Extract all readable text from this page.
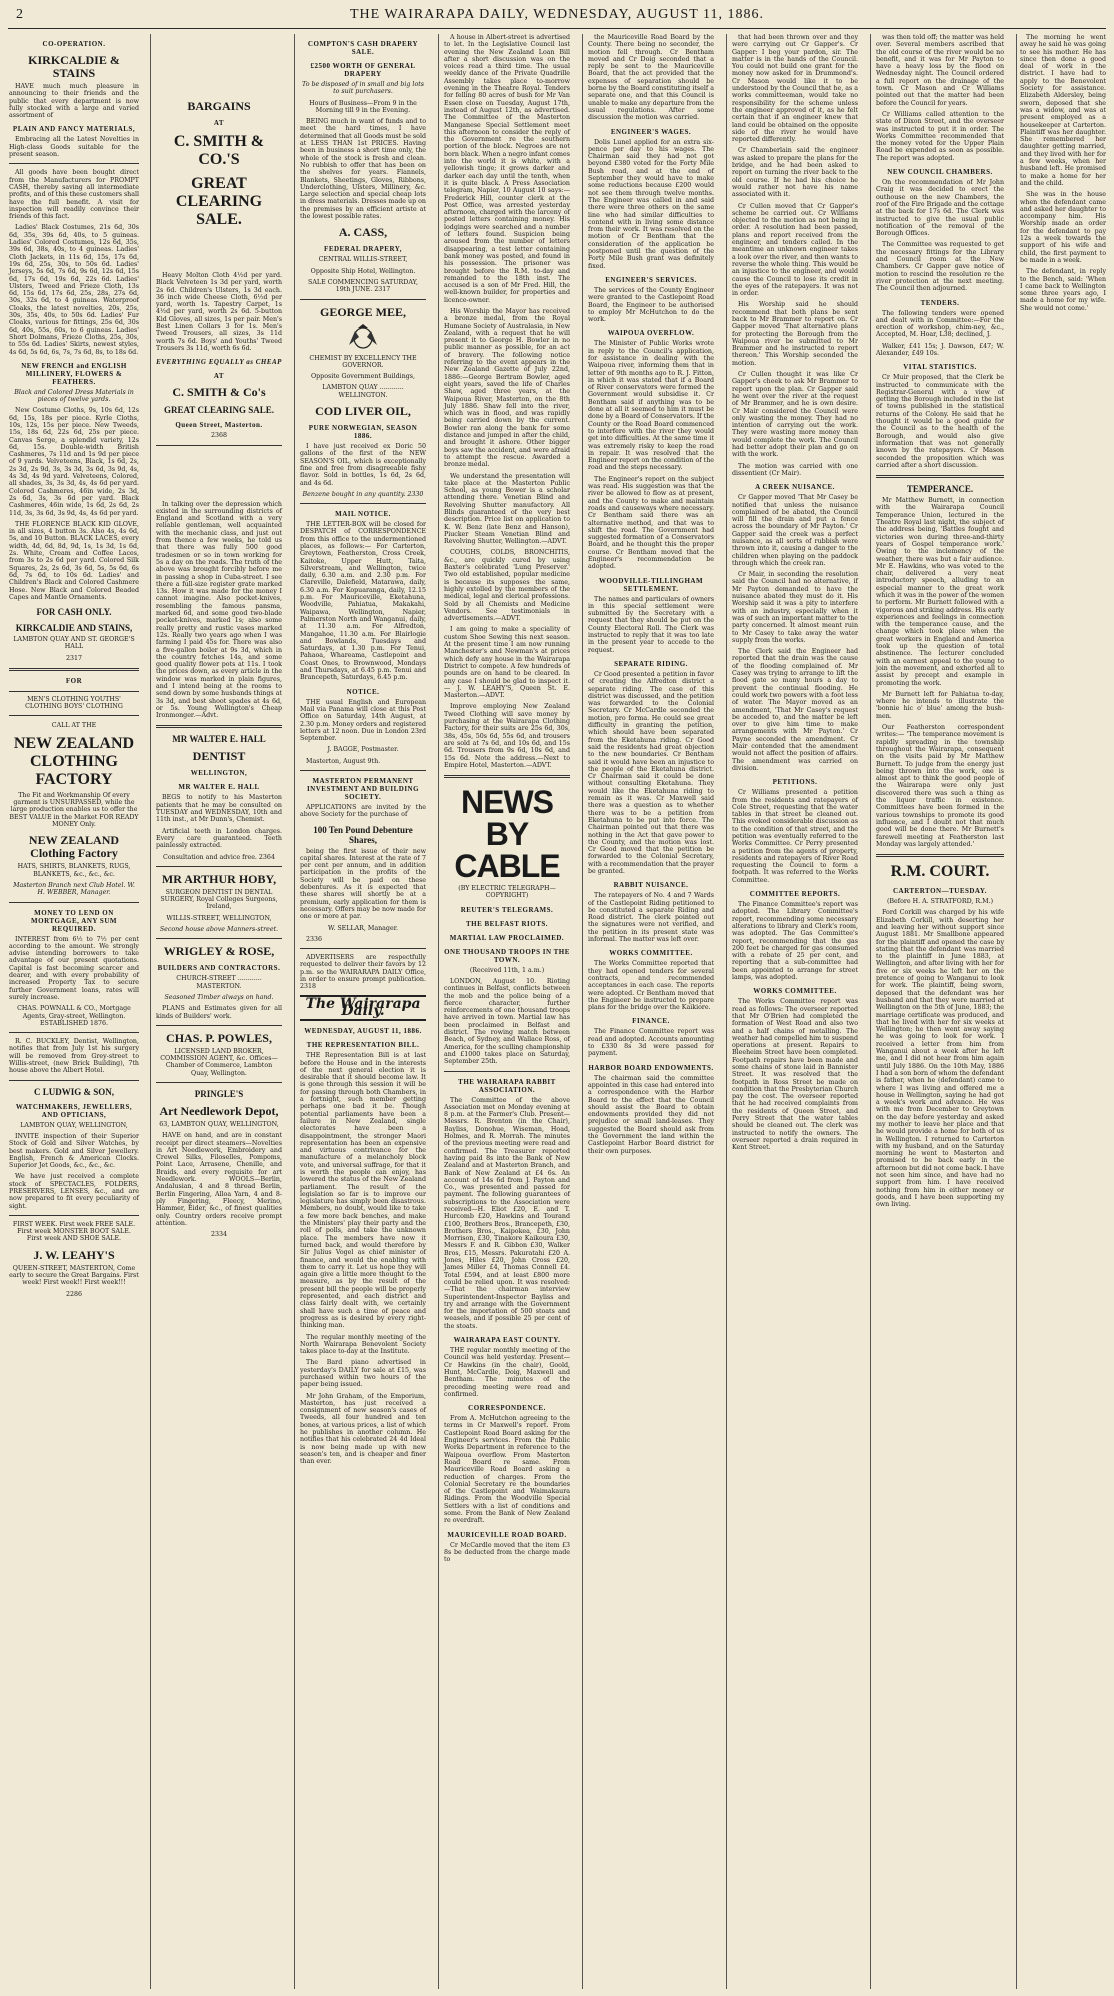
2	THE WAIRARAPA DAILY, WEDNESDAY, AUGUST 11, 1886.
CO-OPERATION.
KIRKCALDIE & STAINS

HAVE much much pleasure in announcing to their friends and the public that every department is now fully stocked with a large and varied assortment of

PLAIN AND FANCY MATERIALS,

Embracing all the Latest Novelties in High-class Goods suitable for the present season.

All goods have been bought direct from the Manufacturers for PROMPT CASH, thereby saving all intermediate profits, and of this these customers shall have the full benefit. A visit for inspection will readily convince their friends of this fact.

Ladies' Black Costumes, 21s 6d, 30s 6d, 35s, 39s 6d, 40s, to 5 guineas. Ladies' Colored Costumes, 12s 6d, 35s, 39s 6d, 38s, 40s, to 4 guineas. Ladies' Cloth Jackets, in 11s 6d, 15s, 17s 6d, 19s 6d, 25s, 30s, to 50s 6d. Ladies' Jerseys, 5s 6d, 7s 6d, 9s 6d, 12s 6d, 15s 6d, 17s 6d, 19s 6d, 22s 6d. Ladies' Ulsters, Tweed and Frieze Cloth, 13s 6d, 15s 6d, 17s 6d, 25s, 28s, 27s 6d, 30s, 32s 6d, to 4 guineas. Waterproof Cloaks, the latest novelties, 20s, 25s, 30s, 35s, 40s, to 50s 6d. Ladies' Fur Cloaks, various for fittings, 25s 6d, 30s 6d, 40s, 55s, 60s, to 6 guineas. Ladies' Short Dolmans, Frieze Cloths, 25s, 30s, to 55s 6d. Ladies' Skirts, newest styles, 4s 6d, 5s 6d, 6s, 7s, 7s 6d, 8s, to 18s 6d.

NEW FRENCH and ENGLISH MILLINERY, FLOWERS & FEATHERS.

Black and Colored Dress Materials in pieces of twelve yards.

New Costume Cloths, 9s, 10s 6d, 12s 6d, 15s, 18s per piece. Kyrle Cloths, 10s, 12s, 15s per piece. New Tweeds, 15s, 18s 6d, 22s 6d, 25s per piece. Canvas Serge, a splendid variety, 12s 6d, 15s. Double-width British Cashmeres, 7s 11d and 1s 9d per piece of 9 yards. Velveteens, Black, 1s 6d, 2s, 2s 3d, 2s 9d, 3s, 3s 3d, 3s 6d, 3s 9d, 4s, 4s 3d, 4s 9d yard. Velveteens, Colored, all shades, 3s, 3s 3d, 4s, 4s 6d per yard. Colored Cashmeres, 46in wide, 2s 3d, 2s 6d, 3s, 3s 6d per yard. Black Cashmeres, 46in wide, 1s 6d, 2s 6d, 2s 11d, 3s, 3s 6d, 3s 9d, 4s, 4s 6d per yard.

THE FLORENCE BLACK KID GLOVE, in all sizes, 4 button 3s. Also 4s, 4s 6d, 5s, and 10 Button. BLACK LACES, every width, 4d, 6d, 8d, 9d, 1s, 1s 3d, 1s 6d, 2s. White, Cream and Coffee Laces, from 3s to 2s 6d per yard. Colored Silk Squares, 2s, 2s 6d, 3s 6d, 5s, 5s 6d, 6s 6d, 7s 6d, to 10s 6d. Ladies' and Children's Black and Colored Cashmere Hose. New Black and Colored Beaded Capes and Mantle Ornaments.

FOR CASH ONLY.
KIRKCALDIE AND STAINS,

LAMBTON QUAY AND ST. GEORGE'S HALL

2317

FOR
MEN'S CLOTHING YOUTHS' CLOTHING BOYS' CLOTHING

CALL AT THE

NEW ZEALAND CLOTHING FACTORY

The Fit and Workmanship Of every garment is UNSURPASSED, while the large production enables us to offer the BEST VALUE in the Market FOR READY MONEY Only.

NEW ZEALAND Clothing Factory

HATS, SHIRTS, BLANKETS, RUGS, BLANKETS, &c., &c., &c.

Masterton Branch next Club Hotel. W. H. WEBBER, Manager.

MONEY TO LEND ON MORTGAGE, ANY SUM REQUIRED.

INTEREST from 6½ to 7½ per cent according to the amount. We strongly advise intending borrowers to take advantage of our present quotations. Capital is fast becoming scarcer and dearer, and with every probability of increased Property Tax to secure further Government loans, rates will surely increase.

CHAS. POWNALL & CO., Mortgage Agents, Gray-street, Wellington. ESTABLISHED 1876.

R. C. BUCKLEY, Dentist, Wellington, notifies that from July 1st his surgery will be removed from Grey-street to Willis-street, (new Brick Building), 7th house above the Albert Hotel.

C LUDWIG & SON,
WATCHMAKERS, JEWELLERS, AND OPTICIANS,

LAMBTON QUAY, WELLINGTON,

INVITE inspection of their Superior Stock of Gold and Silver Watches, by best makers. Gold and Silver Jewellery. English, French & American Clocks. Superior Jet Goods, &c., &c., &c.

We have just received a complete stock of SPECTACLES, FOLDERS, PRESERVERS, LENSES, &c., and are now prepared to fit every peculiarity of sight.

FIRST WEEK. First week FREE SALE. First week MONSTER BOOT SALE. First week AND SHOE SALE.

J. W. LEAHY'S

QUEEN-STREET, MASTERTON, Come early to secure the Great Bargains. First week! First week!! First week!!!

2286

BARGAINS
AT
C. SMITH & CO.'S
GREAT CLEARING SALE.

Heavy Molton Cloth 4½d per yard. Black Velveteen 1s 3d per yard, worth 2s 6d. Children's Ulsters, 1s 3d each. 36 inch wide Cheese Cloth, 6½d per yard, worth 1s. Tapestry Carpet, 1s 4½d per yard, worth 2s 6d. 5-button Kid Gloves, all sizes, 1s per pair. Men's Best Linen Collars 3 for 1s. Men's Tweed Trousers, all sizes, 3s 11d worth 7s 6d. Boys' and Youths' Tweed Trousers 3s 11d, worth 6s 6d.

EVERYTHING EQUALLY as CHEAP
AT
C. SMITH & Co's
GREAT CLEARING SALE.
Queen Street, Masterton.

2368

In talking over the depression which existed in the surrounding districts of England and Scotland with a very reliable gentleman, well acquainted with the mechanic class, and just out from thence a few weeks, he told us that there was fully 500 good tradesmen or so in town working for 5s a day on the roads. The truth of the above was brought forcibly before me in passing a shop in Cuba-street. I see there a full-size register grate marked 13s. How it was made for the money I cannot imagine. Also pocket-knives, resembling the famous pansma, marked 6d, and some good two-blade pocket-knives, marked 1s; also some really pretty and rustic vases marked 12s. Really two years ago when I was farming I paid 45s for. There was also a five-gallon boiler at 9s 3d, which in the country fetches 14s, and some good quality flower pots at 11s. I took the prices down, as every article in the window was marked in plain figures, and I intend being at the rooms to send down by some husbands things at 3s 3d, and best shoot spades at 4s 6d, or 5s. Young Wellington's Cheap Ironmonger.—Advt.

MR WALTER E. HALL
DENTIST
WELLINGTON,
MR WALTER E. HALL

BEGS to notify to his Masterton patients that he may be consulted on TUESDAY and WEDNESDAY, 10th and 11th inst., at Mr Dunn's, Chemist.

Artificial teeth in London charges. Every care guaranteed. Teeth painlessly extracted.

Consultation and advice free. 2364

MR ARTHUR HOBY,

SURGEON DENTIST IN DENTAL SURGERY, Royal Colleges Surgeons, Ireland,

WILLIS-STREET, WELLINGTON,

Second house above Manners-street.

WRIGLEY & ROSE,
BUILDERS AND CONTRACTORS.

CHURCH-STREET ............ MASTERTON.

Seasoned Timber always on hand.

PLANS and Estimates given for all kinds of Builders' work.

CHAS. P. POWLES,

LICENSED LAND BROKER, COMMISSION AGENT, &c. Offices—Chamber of Commerce, Lambton Quay, Wellington.

PRINGLE'S
Art Needlework Depot,

63, LAMBTON QUAY, WELLINGTON,

HAVE on hand, and are in constant receipt per direct steamers—Novelties in Art Needlework, Embroidery and Crewel Silks, Filoselles, Pompoms, Point Lace, Arrasene, Chenille, and Braids, and every requisite for art Needlework. WOOLS—Berlin, Andalusian, 4 and 8 thread Berlin, Berlin Fingering, Alloa Yarn, 4 and 8-ply Fingering, Fleecy, Merino, Hammer, Eider, &c., of finest qualities only. Country orders receive prompt attention.

2334

COMPTON'S CASH DRAPERY SALE.
£2500 WORTH OF GENERAL DRAPERY

To be disposed of in small and big lots to suit purchasers.

Hours of Business—From 9 in the Morning till 9 in the Evening.

BEING much in want of funds and to meet the hard times, I have determined that all Goods must be sold at LESS THAN 1st PRICES. Having been in business a short time only, the whole of the stock is fresh and clean. No rubbish to offer that has been on the shelves for years. Flannels, Blankets, Sheetings, Gloves, Ribbons, Underclothing, Ulsters, Millinery, &c. Large selection and special cheap lots in dress materials. Dresses made up on the premises by an efficient artiste at the lowest possible rates.

A. CASS,
FEDERAL DRAPERY,

CENTRAL WILLIS-STREET,

Opposite Ship Hotel, Wellington.

SALE COMMENCING SATURDAY, 19th JUNE. 2317

GEORGE MEE,

CHEMIST BY EXCELLENCY THE GOVERNOR.

Opposite Government Buildings,

LAMBTON QUAY ............ WELLINGTON.

COD LIVER OIL,
PURE NORWEGIAN, SEASON 1886.

I have just received ex Doric 50 gallons of the first of the NEW SEASON'S OIL, which is exceptionally fine and free from disagreeable fishy flavor. Sold in bottles, 1s 6d, 2s 6d, and 4s 6d.

Benzene bought in any quantity. 2330

MAIL NOTICE.

THE LETTER-BOX will be closed for DESPATCH of CORRESPONDENCE from this office to the undermentioned places, as follows:— For Carterton, Greytown, Featherston, Cross Creek, Kaitoke, Upper Hutt, Taita, Silverstream, and Wellington, twice daily, 6.30 a.m. and 2.30 p.m. For Clareville, Dalefield, Matarawa, daily, 6.30 a.m. For Kopuaranga, daily, 12.15 p.m. For Mauriceville, Eketahuna, Woodville, Pahiatua, Makakahi, Waipawa, Wellington, Napier, Palmerston North and Wanganui, daily, at 11.30 a.m. For Alfredton, Mangahoe, 11.30 a.m. For Blairlogie and Bowlands, Tuesdays and Saturdays, at 1.30 p.m. For Tenui, Pahaoa, Whareama, Castlepoint and Coast Ones, to Brownwood, Mondays and Thursdays, at 6.45 p.m. Tenui and Brancepeth, Saturdays, 6.45 p.m.

NOTICE.

THE usual English and European Mail via Panama will close at this Post Office on Saturday, 14th August, at 2.30 p.m. Money orders and registered letters at 12 noon. Due in London 23rd September.

J. BAGGE, Postmaster.

Masterton, August 9th.

MASTERTON PERMANENT INVESTMENT AND BUILDING SOCIETY.

APPLICATIONS are invited by the above Society for the purchase of

100 Ten Pound Debenture Shares,

being the first issue of their new capital shares. Interest at the rate of 7 per cent per annum, and in addition participation in the profits of the Society will be paid on these debentures. As it is expected that these shares will shortly be at a premium, early application for them is necessary. Offers may be now made for one or more at par.

W. SELLAR, Manager.

2336

ADVERTISERS are respectfully requested to deliver their favors by 12 p.m. so the WAIRARAPA DAILY Office, in order to ensure prompt publication. 2318

The Wairarapa Daily.
WEDNESDAY, AUGUST 11, 1886.
THE REPRESENTATION BILL.

THE Representation Bill is at last before the House and in the interests of the next general election it is desirable that it should become law. It is gone through this session it will be for passing through both Chambers, in a fortnight, such member getting perhaps one bad it be. Though potential parliaments have been a failure in New Zealand, single electorates have been a disappointment, the stronger Maori representation has been an expensive and virtuous contrivance for the manufacture of a melancholy block vote, and universal suffrage, for that it is worth the people can enjoy, has lowered the status of the New Zealand parliament. The result of the legislation so far is to improve our legislature has simply been disastrous. Members, no doubt, would like to take a few more back benches, and make the Ministers' play their party and the roll of polls, and take the unknown place. The members have now it turned back, and would therefore by Sir Julius Vogel as chief minister of finance, and would the enabling with them to carry it. Let us hope they will again give a little more thought to the measure, as by the result of the present bill the people will be properly represented, and each district and class fairly dealt with, we certainly shall have such a time of peace and progress as is desired by every right-thinking man.

The regular monthly meeting of the North Wairarapa Benevolent Society takes place to-day at the Institute.

The Bard piano advertised in yesterday's DAILY for sale at £15, was purchased within two hours of the paper being issued.

Mr John Graham, of the Emporium, Masterton, has just received a consignment of new season's cases of Tweeds, all four hundred and ten bones, at various prices, a list of which he publishes in another column. He notifies that his celebrated 24 4d Ideal is now being made up with new season's ten, and is cheaper and finer than ever.

A house in Albert-street is advertised to let. In the Legislative Council last evening the New Zealand Loan Bill after a short discussion was on the voices read a third time. The usual weekly dance of the Private Quadrille Assembly takes place to-morrow evening in the Theatre Royal. Tenders for felling 80 acres of bush for Mr Van Essen close on Tuesday, August 17th, instead of August 12th, as advertised. The Committee of the Masterton Manganese Special Settlement meet this afternoon to consider the reply of the Government re the southern portion of the block. Negroes are not born black. When a negro infant comes into the world it is white, with a yellowish tinge; it grows darker and darker each day until the tenth, when it is quite black. A Press Association telegram, Napier, 10 August 10 says:—Frederick Hill, counter clerk at the Post Office, was arrested yesterday afternoon, charged with the larceny of posted letters containing money. His lodgings were searched and a number of letters found. Suspicion being aroused from the number of letters disappearing, a test letter containing bank money was posted, and found in his possession. The prisoner was brought before the R.M. to-day and remanded to the 18th inst. The accused is a son of Mr Fred. Hill, the well-known builder, for properties and licence-owner.

His Worship the Mayor has received a bronze medal, from the Royal Humane Society of Australasia, in New Zealand, with a request that he will present it to George H. Bowler in no public manner as possible, for an act of bravery. The following notice referring to the event appears in the New Zealand Gazette of July 22nd, 1886:—George Bertram Bowler, aged eight years, saved the life of Charles Shaw, aged three years, at the Waipoua River, Masterton, on the 8th July 1886. Shaw fell into the river, which was in flood, and was rapidly being carried down by the current. Bowler ran along the bank for some distance and jumped in after the child, and brought it ashore. Other bigger boys saw the accident, and were afraid to attempt the rescue. Awarded a bronze medal.

We understand the presentation will take place at the Masterton Public School, as young Bower is a scholar attending there. Venetian Blind and Revolving Shutter manufactory. All Blinds guaranteed of the very best description. Price list on application to K. W. Benz (late Benz and Hanson), Piucker Steam Venetian Blind and Revolving Shutter, Wellington.—ADVT.

COUGHS, COLDS, BRONCHITIS, &c., are quickly cured by using Baxter's celebrated 'Lung Preserver.' Two old established, popular medicine is because its supposes the same, highly extolled by the members of the medical, legal and clerical professions. Sold by all Chemists and Medicine Vendors. See testimonials in advertisements.—ADVT.

I am going to make a speciality of custom Shoe Sewing this next season. At the present time I am now running Manchester's and Newman's at prices which defy any house in the Wairarapa District to compete. A few hundreds of pounds are on hand to be cleared. In any case I should be glad to inspect it. — J. W. LEAHY'S, Queen St. E. Masterton.—ADVT.

Improve employing New Zealand Tweed Clothing will save money by purchasing at the Wairarapa Clothing Factory, for their suits are 25s 6d, 30s, 38s, 45s, 50s 6d, 55s 6d, and trousers are sold at 7s 6d, and 10s 6d, and 15s 6d. Trousers from 9s 6d, 10s 6d, and 15s 6d. Note the address.—Next to Empire Hotel, Masterton.—ADVT.

NEWS BY CABLE

(BY ELECTRIC TELEGRAPH—COPYRIGHT)

REUTER'S TELEGRAMS.
THE BELFAST RIOTS.
MARTIAL LAW PROCLAIMED.
ONE THOUSAND TROOPS IN THE TOWN.

(Received 11th, 1 a.m.)

LONDON, August 10. Rioting continues in Belfast, conflicts between the mob and the police being of a fierce character, further reinforcements of one thousand troops have arrived in town. Martial law has been proclaimed in Belfast and district. The rowing match between Beach, of Sydney, and Wallace Ross, of America, for the sculling championship and £1000 takes place on Saturday, September 25th.

THE WAIRARAPA RABBIT ASSOCIATION.

The Committee of the above Association met on Monday evening at 8 p.m. at the Farmer's Club. Present—Messrs. R. Brenton (in the Chair), Bayliss, Donohue, Wiseman, Hoad, Holmes, and R. Morrah. The minutes of the previous meeting were read and confirmed. The Treasurer reported having paid 8s into the Bank of New Zealand and at Masterton Branch, and Bank of New Zealand at £4 6s. An account of 14s 6d from J. Payton and Co., was presented and passed for payment. The following guarantees of subscriptions to the Association were received—H. Eliot £20, E. and T. Hurcomb £20, Hawkins and Tourand £100, Brothers Bros., Brancepeth, £30, Brothers Bros., Kaipokea, £30, John Morrison, £30, Tinakore Kaikoura £30, Messrs F. and R. Gibbon £30, Walker Bros, £15, Messrs. Pakuratahi £20 A. Jones, Hiles £20, John Cross £20, James Miller £4, Thomas Connell £4. Total £594, and at least £800 more could be relied upon. It was resolved:—That the chairman interview Superintendent-Inspector Bayliss and try and arrange with the Government for the importation of 500 stoats and weasels, and if possible 25 per cent of the stoats.

WAIRARAPA EAST COUNTY.

THE regular monthly meeting of the Council was held yesterday. Present—Cr Hawkins (in the chair), Goold, Hunt, McCardle, Doig, Maxwell and Bentham. The minutes of the preceding meeting were read and confirmed.

CORRESPONDENCE.

From A. McHutchon agreeing to the terms in Cr Maxwell's report. From Castlepoint Road Board asking for the Engineer's services. From the Public Works Department in reference to the Waipoua overflow. From Masterton Road Board re same. From Mauriceville Road Board asking a reduction of charges. From the Colonial Secretary re the boundaries of the Castlepoint and Waimakaura Ridings. From the Woodville Special Settlers with a list of conditions and some. From the Bank of New Zealand re overdraft.

MAURICEVILLE ROAD BOARD.

Cr McCardle moved that the item £3 8s be deducted from the charge made to

the Mauriceville Road Board by the County. There being no seconder, the motion fell through. Cr Bentham moved and Cr Doig seconded that a reply be sent to the Mauriceville Board, that the act provided that the expenses of separation should be borne by the Board constituting itself a separate one, and that this Council is unable to make any departure from the usual regulations. After some discussion the motion was carried.

ENGINEER'S WAGES.

Dolis Lunel applied for an extra six-pence per day to his wages. The Chairman said they had not got beyond £380 voted for the Forty Mile Bush road, and at the end of September they would have to make some reductions because £200 would not see them through twelve months. The Engineer was called in and said there were three others on the same line who had similar difficulties to contend with in living some distance from their work. It was resolved on the motion of Cr Bentham that the consideration of the application be postponed until the question of the Forty Mile Bush grant was definitely fixed.

ENGINEER'S SERVICES.

The services of the County Engineer were granted to the Castlepoint Road Board, the Engineer to be authorised to employ Mr McHutchon to do the work.

WAIPOUA OVERFLOW.

The Minister of Public Works wrote in reply to the Council's application, for assistance in dealing with the Waipoua river, informing them that in letter of 9th months ago to R. J. Fitton, in which it was stated that if a Board of River conservators were formed the Government would subsidise it. Cr Bentham said if anything was to be done at all it seemed to him it must be done by a Board of Conservators. If the County or the Road Board commenced to interfere with the river they would get into difficulties. At the same time it was extremely risky to keep the road in repair. It was resolved that the Engineer report on the condition of the road and the steps necessary.

The Engineer's report on the subject was read. His suggestion was that the river be allowed to flow as at present, and the County to make and maintain roads and causeways where necessary. Cr Bentham said there was an alternative method, and that was to shift the road. The Government had suggested formation of a Conservators Board, and he thought this the proper course. Cr Bentham moved that the Engineer's recommendation be adopted.

WOODVILLE-TILLINGHAM SETTLEMENT.

The names and particulars of owners in this special settlement were submitted by the Secretary with a request that they should be put on the County Electoral Roll. The Clerk was instructed to reply that it was too late in the present year to accede to the request.

SEPARATE RIDING.

Cr Good presented a petition in favor of creating the Alfredton district a separate riding. The case of this district was discussed, and the petition was forwarded to the Colonial Secretary. Cr McCardle seconded the motion, pro forma. He could see great difficulty in granting the petition, which should have been separated from the Eketahuna riding. Cr Good said the residents had great objection to the new boundaries. Cr Bentham said it would have been an injustice to the people of the Eketahuna district. Cr Chairman said it could be done without consulting Eketahuna. They would like the Eketahuna riding to remain as it was. Cr Maxwell said there was a question as to whether there was to be a petition from Eketahuna to be put into force. The Chairman pointed out that there was nothing in the Act that gave power to the County, and the motion was lost. Cr Good moved that the petition be forwarded to the Colonial Secretary, with a recommendation that the prayer be granted.

RABBIT NUISANCE.

The ratepayers of No. 4 and 7 Wards of the Castlepoint Riding petitioned to be constituted a separate Riding and Road district. The clerk pointed out the signatures were not verified, and the petition in its present state was informal. The matter was left over.

WORKS COMMITTEE.

The Works Committee reported that they had opened tenders for several contracts, and recommended acceptances in each case. The reports were adopted. Cr Bentham moved that the Engineer be instructed to prepare plans for the bridge over the Kaikiore.

FINANCE.

The Finance Committee report was read and adopted. Accounts amounting to £330 8s 3d were passed for payment.

HARBOR BOARD ENDOWMENTS.

The chairman said the committee appointed in this case had entered into a correspondence with the Harbor Board to the effect that the Council should assist the Board to obtain endowments provided they did not prejudice or small land-leases. They suggested the Board should ask from the Government the land within the Castlepoint Harbor Board district for their own purposes.

that had been thrown over and they were carrying out Cr Gapper's. Cr Gapper: I beg your pardon, sir. The matter is in the hands of the Council. You could not build one grant for the money now asked for in Drummond's. Cr Mason would like it to be understood by the Council that he, as a works committeeman, would take no responsibility for the scheme unless the engineer approved of it, as he felt certain that if an engineer knew that land could be obtained on the opposite side of the river he would have reported differently.

Cr Chamberlain said the engineer was asked to prepare the plans for the bridge, and he had been asked to report on turning the river back to the old course. If he had his choice he would rather not have his name associated with it.

Cr Cullen moved that Cr Gapper's scheme be carried out. Cr Williams objected to the motion as not being in order. A resolution had been passed, plans and report received from the engineer, and tenders called. In the meantime an unknown engineer takes a look over the river, and then wants to reverse the whole thing. This would be an injustice to the engineer, and would cause the Council to lose its credit in the eyes of the ratepayers. It was not in order.

His Worship said he should recommend that both plans be sent back to Mr Brammer to report on. Cr Gapper moved 'That alternative plans for protecting the Borough from the Waipoua river be submitted to Mr Brammer and he instructed to report thereon.' This Worship seconded the motion.

Cr Cullen thought it was like Cr Gapper's cheek to ask Mr Brammer to report upon the plan. Cr Gapper said he went over the river at the request of Mr Brammer, and he is own desire. Cr Mair considered the Council were only wasting the money. They had no intention of carrying out the work. They were wasting more money than would complete the work. The Council had better adopt their plan and go on with the work.

The motion was carried with one dissentient (Cr Mair).

A CREEK NUISANCE.

Cr Gapper moved 'That Mr Casey be notified that unless the nuisance complained of be abated, the Council will fill the drain and put a fence across the boundary of Mr Payton.' Cr Gapper said the creek was a perfect nuisance, as all sorts of rubbish were thrown into it, causing a danger to the children when playing on the paddock through which the creek ran.

Cr Mair, in seconding the resolution said the Council had no alternative, if Mr Payton demanded to have the nuisance abated they must do it. His Worship said it was a pity to interfere with an industry, especially when it was of such an important matter to the party concerned. It almost meant ruin to Mr Casey to take away the water supply from the works.

The Clerk said the Engineer had reported that the drain was the cause of the flooding complained of. Mr Casey was trying to arrange to lift the flood gate so many hours a day to prevent the continual flooding. He could work two powers with a foot less of water. The Mayor moved as an amendment, 'That Mr Casey's request be acceded to, and the matter be left over to give him time to make arrangements with Mr Payton.' Cr Payne seconded the amendment. Cr Mair contended that the amendment would not affect the position of affairs. The amendment was carried on division.

PETITIONS.

Cr Williams presented a petition from the residents and ratepayers of Cole Street, requesting that the water tables in that street be cleaned out. This evoked considerable discussion as to the condition of that street, and the petition was eventually referred to the Works Committee. Cr Perry presented a petition from the agents of property, residents and ratepayers of River Road requesting the Council to form a footpath. It was referred to the Works Committee.

COMMITTEE REPORTS.

The Finance Committee's report was adopted. The Library Committee's report, recommending some necessary alterations to library and Clerk's room, was adopted. The Gas Committee's report, recommending that the gas 200 feet be charged for gas consumed with a rebate of 25 per cent, and reporting that a sub-committee had been appointed to arrange for street lamps, was adopted.

WORKS COMMITTEE.

The Works Committee report was read as follows: The overseer reported that Mr O'Brien had completed the formation of West Road and also two and a half chains of metalling. The weather had compelled him to suspend operations at present. Repairs to Bleeheim Street have been completed. Footpath repairs have been made and some chains of stone laid in Bannister Street. It was resolved that the footpath in Ross Street be made on condition that the Presbyterian Church pay the cost. The overseer reported that he had received complaints from the residents of Queen Street, and Perry Street that the water tables should be cleaned out. The clerk was instructed to notify the owners. The overseer reported a drain required in Kent Street.

was then told off; the matter was held over. Several members ascribed that the old course of the river would be no benefit, and it was for Mr Payton to have a heavy loss by the flood on Wednesday night. The Council ordered a full report on the drainage of the town. Cr Mason and Cr Williams pointed out that the matter had been before the Council for years.

Cr Williams called attention to the state of Dixon Street, and the overseer was instructed to put it in order. The Works Committee recommended that the money voted for the Upper Plain Road be expended as soon as possible. The report was adopted.

NEW COUNCIL CHAMBERS.

On the recommendation of Mr John Craig it was decided to erect the outhouse on the new Chambers, the roof of the Fire Brigade and the cottage at the back for 17s 6d. The Clerk was instructed to give the usual public notification of the removal of the Borough Offices.

The Committee was requested to get the necessary fittings for the Library and Council room at the New Chambers. Cr Gapper gave notice of motion to rescind the resolution re the river protection at the next meeting. The Council then adjourned.

TENDERS.

The following tenders were opened and dealt with in Committee:—For the erection of workshop, chim-ney, &c., Accepted, M. Hoar, L38; declined, J.

Walker, £41 15s; J. Dawson, £47; W. Alexander, £49 10s.

VITAL STATISTICS.

Cr Muir proposed, that the Clerk be instructed to communicate with the Registrar-General with a view of getting the Borough included in the list of towns published in the statistical returns of the Colony. He said that he thought it would be a good guide for the Council as to the health of the Borough, and would also give information that was not generally known by the ratepayers. Cr Mason seconded the proposition which was carried after a short discussion.

TEMPERANCE.

Mr Matthew Burnett, in connection with the Wairarapa Council Temperance Union, lectured in the Theatre Royal last night, the subject of the address being, 'Battles fought and victories won during three-and-thirty years of Gospel temperance work.' Owing to the inclemency of the weather, there was but a fair audience. Mr E. Hawkins, who was voted to the chair, delivered a very neat introductory speech, alluding to an especial manner to the great work which it was in the power of the women to perform. Mr Burnett followed with a vigorous and striking address. His early experiences and feelings in connection with the temperance cause, and the change which took place when the great workers in England and America took up the question of total abstinence. The lecturer concluded with an earnest appeal to the young to join the movement, and exhorted all to assist by precept and example in promoting the work.

Mr Burnett left for Pahiatua to-day, where he intends to illustrate the 'bonnie hic o' blue' among the bush-men.

Our Featherston correspondent writes:— 'The temperance movement is rapidly spreading in the township throughout the Wairarapa, consequent on the visits paid by Mr Matthew Burnett. To judge from the energy just being thrown into the work, one is almost apt to think the good people of the Wairarapa were only just discovered there was such a thing as the liquor traffic in existence. Committees have been formed in the various townships to promote its good influence, and I doubt not that much good will be done there. Mr Burnett's farewell meeting at Featherston last Monday was largely attended.'

R.M. COURT.
CARTERTON—TUESDAY.

(Before H. A. STRATFORD, R.M.)

Ford Corkill was charged by his wife Elizabeth Corkill, with deserting her and leaving her without support since August 1881. Mr Smallbone appeared for the plaintiff and opened the case by stating that the defendant was married to the plaintiff in June 1883, at Wellington, and after living with her for five or six weeks he left her on the pretence of going to Wanganui to look for work. The plaintiff, being sworn, deposed that the defendant was her husband and that they were married at Wellington on the 5th of June, 1883; the marriage certificate was produced, and that he lived with her for six weeks at Wellington; he then went away saying he was going to look for work. I received a letter from him from Wanganui about a week after he left me, and I did not hear from him again until July 1886. On the 10th May, 1886 I had a son born of whom the defendant is father, when he (defendant) came to where I was living and offered me a house in Wellington, saying he had got a week's work and advance. He was with me from December to Greytown on the day before yesterday and asked my mother to leave her place and that he would provide a home for both of us in Wellington. I returned to Carterton with my husband, and on the Saturday morning he went to Masterton and promised to be back early in the afternoon but did not come back. I have not seen him since, and have had no support from him. I have received nothing from him in either money or goods, and I have been supporting my own living.

The morning he went away he said he was going to see his mother. He has since then done a good deal of work in the district. I have had to apply to the Benevolent Society for assistance. Elizabeth Aldersley, being sworn, deposed that she was a widow, and was at present employed as a housekeeper at Carterton. Plaintiff was her daughter. She remembered her daughter getting married, and they lived with her for a few weeks, when her husband left. He promised to make a home for her and the child.

She was in the house when the defendant came and asked her daughter to accompany him. His Worship made an order for the defendant to pay 12s a week towards the support of his wife and child, the first payment to be made in a week.

The defendant, in reply to the Bench, said: 'When I came back to Wellington some three years ago, I made a home for my wife. She would not come.'
